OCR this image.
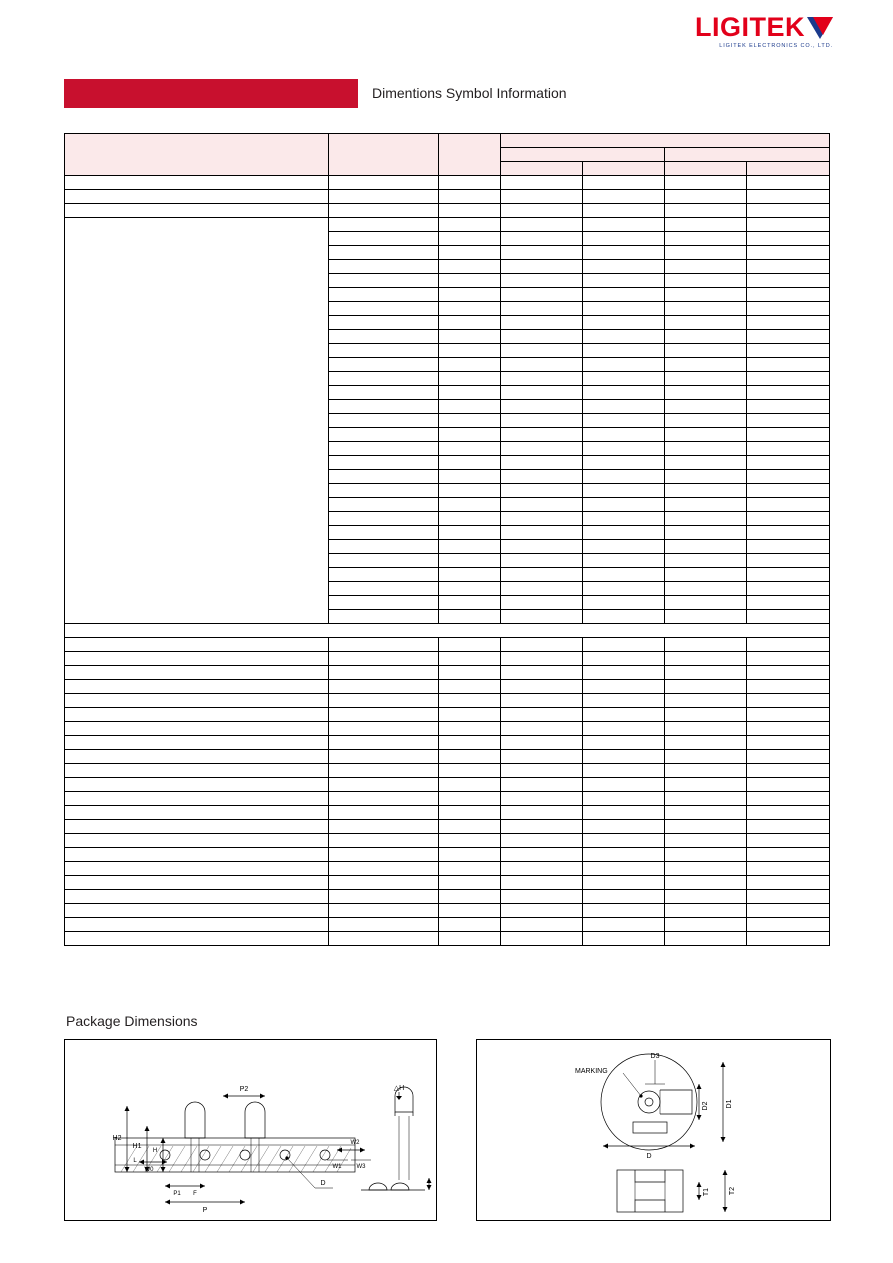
LIGITEK
LIGITEK ELECTRONICS CO., LTD.
Dimentions Symbol Information

Package Dimensions
△H
P2
H2
H1
H
W0
L
W2
W1	W3
P1 F
P
D
D3
MARKING
D2 D1
D
T1	T2
